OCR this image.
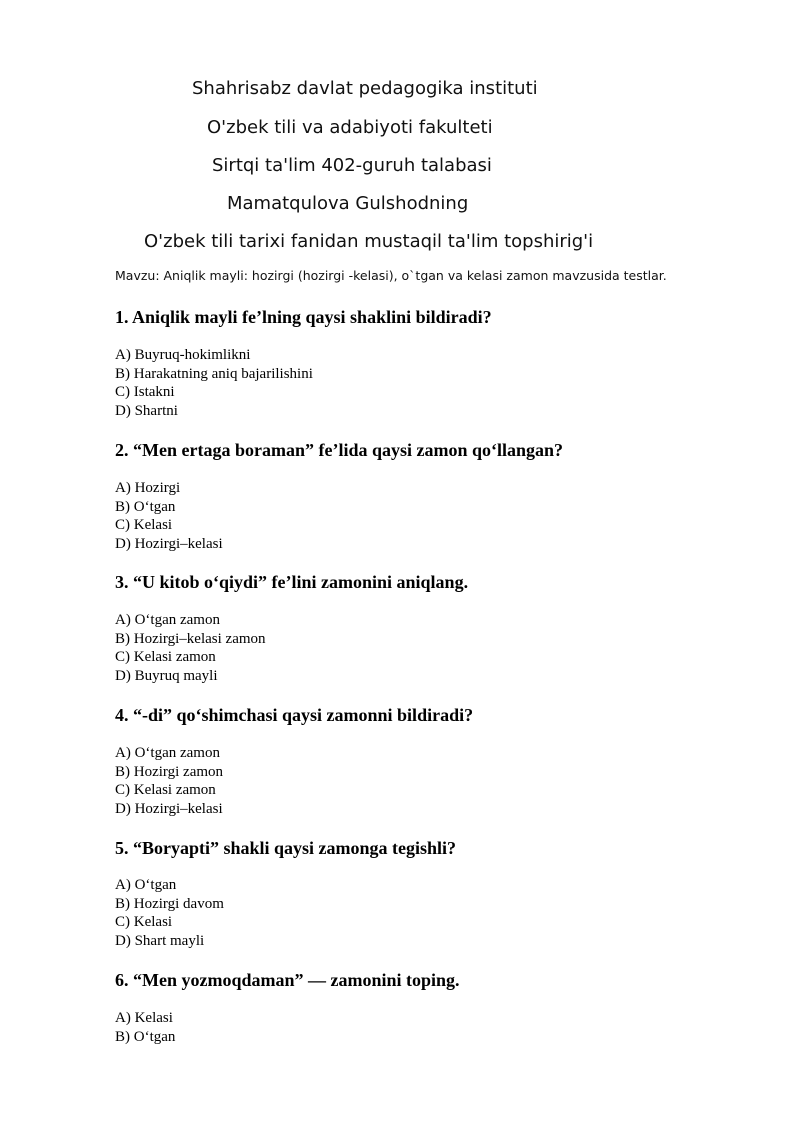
Shahrisabz davlat pedagogika instituti
O'zbek tili va adabiyoti fakulteti
Sirtqi ta'lim 402-guruh talabasi
Mamatqulova Gulshodning
O'zbek tili tarixi fanidan mustaqil ta'lim topshirig'i
Mavzu: Aniqlik mayli: hozirgi (hozirgi -kelasi), o`tgan va kelasi zamon mavzusida testlar.
1. Aniqlik mayli fe’lning qaysi shaklini bildiradi?
A) Buyruq-hokimlikni
B) Harakatning aniq bajarilishini
C) Istakni
D) Shartni
2. “Men ertaga boraman” fe’lida qaysi zamon qo‘llangan?
A) Hozirgi
B) O‘tgan
C) Kelasi
D) Hozirgi–kelasi
3. “U kitob o‘qiydi” fe’lini zamonini aniqlang.
A) O‘tgan zamon
B) Hozirgi–kelasi zamon
C) Kelasi zamon
D) Buyruq mayli
4. “-di” qo‘shimchasi qaysi zamonni bildiradi?
A) O‘tgan zamon
B) Hozirgi zamon
C) Kelasi zamon
D) Hozirgi–kelasi
5. “Boryapti” shakli qaysi zamonga tegishli?
A) O‘tgan
B) Hozirgi davom
C) Kelasi
D) Shart mayli
6. “Men yozmoqdaman” — zamonini toping.
A) Kelasi
B) O‘tgan
